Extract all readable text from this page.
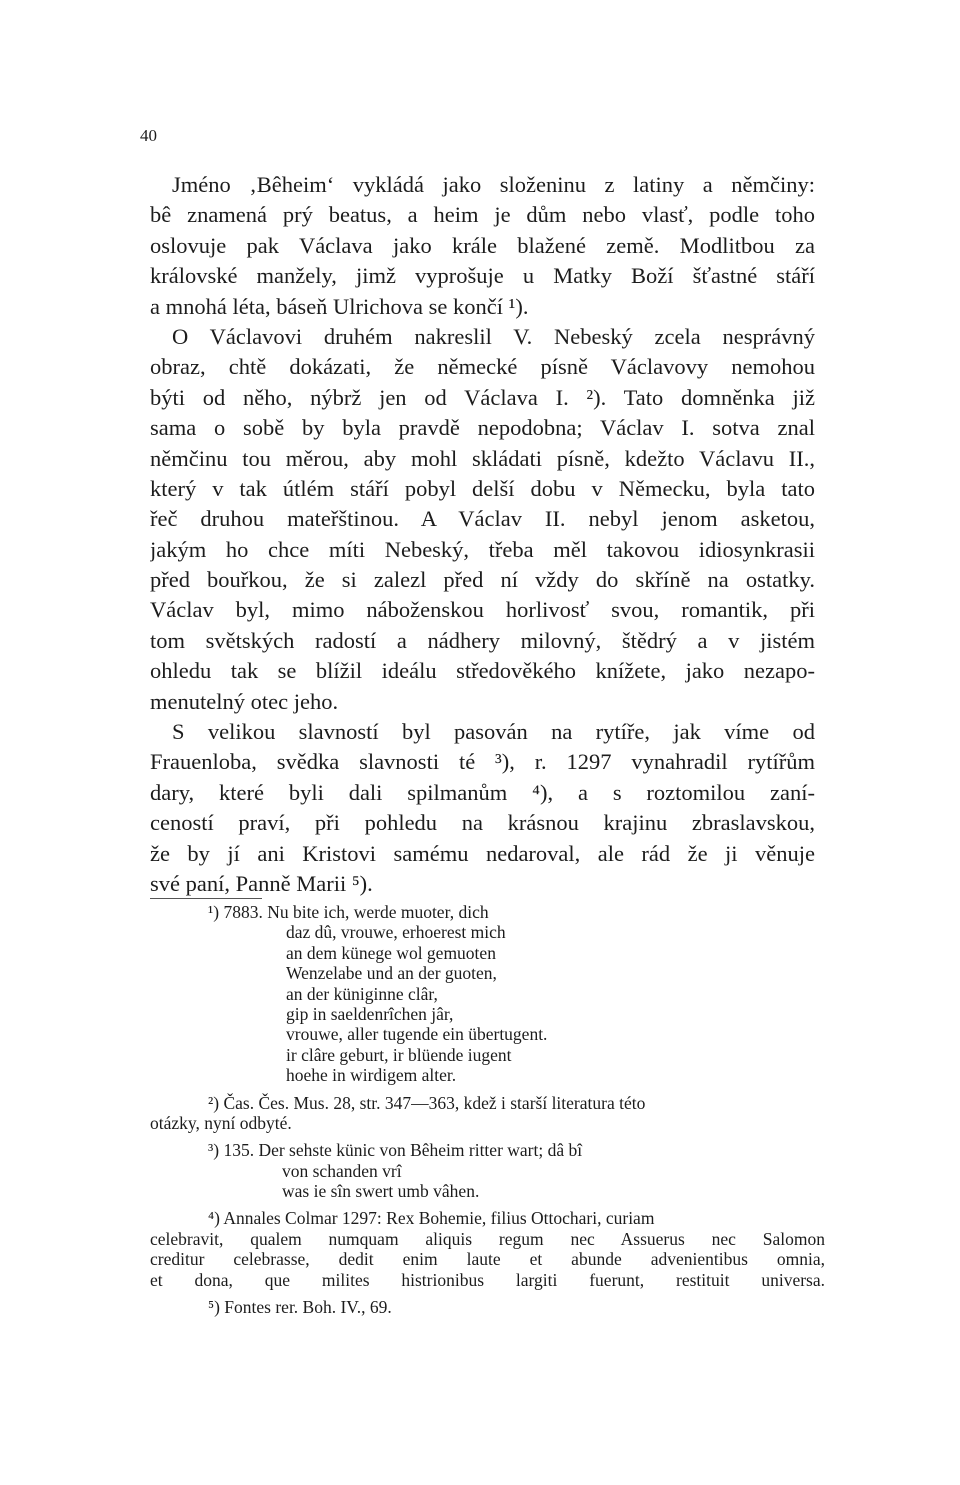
40
Jméno ‚Bêheim‘ vykládá jako složeninu z latiny a němčiny:
bê znamená prý beatus, a heim je dům nebo vlasť, podle toho
oslovuje pak Václava jako krále blažené země. Modlitbou za
královské manžely, jimž vyprošuje u Matky Boží šťastné stáří
a mnohá léta, báseň Ulrichova se končí ¹).
O Václavovi druhém nakreslil V. Nebeský zcela nesprávný
obraz, chtě dokázati, že německé písně Václavovy nemohou
býti od něho, nýbrž jen od Václava I. ²). Tato domněnka již
sama o sobě by byla pravdě nepodobna; Václav I. sotva znal
němčinu tou měrou, aby mohl skládati písně, kdežto Václavu II.,
který v tak útlém stáří pobyl delší dobu v Německu, byla tato
řeč druhou mateřštinou. A Václav II. nebyl jenom asketou,
jakým ho chce míti Nebeský, třeba měl takovou idiosynkrasii
před bouřkou, že si zalezl před ní vždy do skříně na ostatky.
Václav byl, mimo náboženskou horlivosť svou, romantik, při
tom světských radostí a nádhery milovný, štědrý a v jistém
ohledu tak se blížil ideálu středověkého knížete, jako nezapo-
menutelný otec jeho.
S velikou slavností byl pasován na rytíře, jak víme od
Frauenloba, svědka slavnosti té ³), r. 1297 vynahradil rytířům
dary, které byli dali spilmanům ⁴), a s roztomilou zaní-
ceností praví, při pohledu na krásnou krajinu zbraslavskou,
že by jí ani Kristovi samému nedaroval, ale rád že ji věnuje
své paní, Panně Marii ⁵).
¹) 7883. Nu bite ich, werde muoter, dich
daz dû, vrouwe, erhoerest mich
an dem künege wol gemuoten
Wenzelabe und an der guoten,
an der küniginne clâr,
gip in saeldenrîchen jâr,
vrouwe, aller tugende ein übertugent.
ir clâre geburt, ir blüende iugent
hoehe in wirdigem alter.
²) Čas. Čes. Mus. 28, str. 347—363, kdež i starší literatura této
otázky, nyní odbyté.
³) 135. Der sehste künic von Bêheim ritter wart; dâ bî
von schanden vrî
was ie sîn swert umb vâhen.
⁴) Annales Colmar 1297: Rex Bohemie, filius Ottochari, curiam
celebravit, qualem numquam aliquis regum nec Assuerus nec Salomon
creditur celebrasse, dedit enim laute et abunde advenientibus omnia,
et dona, que milites histrionibus largiti fuerunt, restituit universa.
⁵) Fontes rer. Boh. IV., 69.
